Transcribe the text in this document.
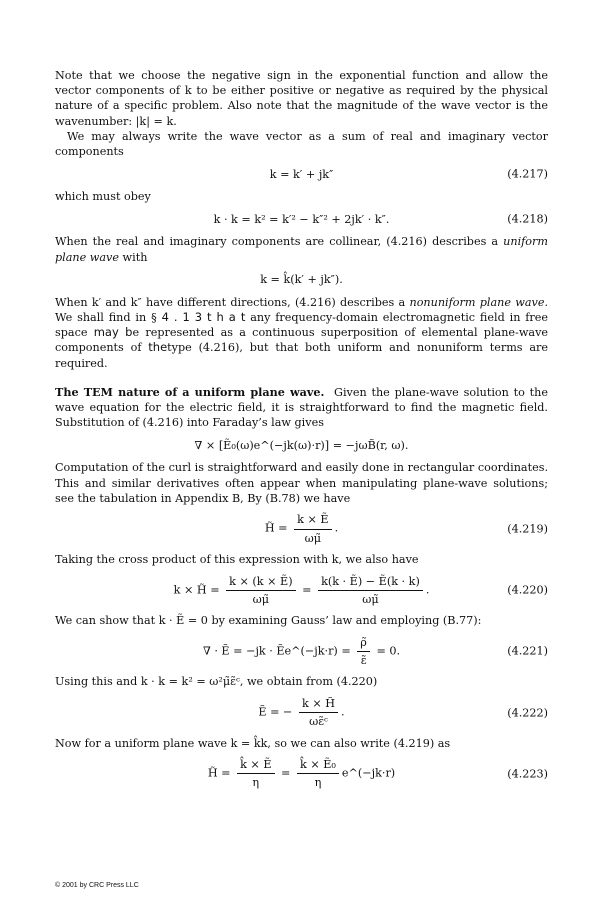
Note that we choose the negative sign in the exponential function and allow the vector components of k to be either positive or negative as required by the physical nature of a specific problem. Also note that the magnitude of the wave vector is the wavenumber: |k| = k.

We may always write the wave vector as a sum of real and imaginary vector components

k = k′ + jk″	(4.217)

which must obey

k · k = k² = k′² − k″² + 2jk′ · k″.	(4.218)

When the real and imaginary components are collinear, (4.216) describes a uniform plane wave with

k = k̂(k′ + jk″).

When k′ and k″ have different directions, (4.216) describes a nonuniform plane wave. We shall find in § 4 . 1 3 t h a t any frequency-domain electromagnetic field in free space may be represented as a continuous superposition of elemental plane-wave components of thetype (4.216), but that both uniform and nonuniform terms are required.

The TEM nature of a uniform plane wave. Given the plane-wave solution to the wave equation for the electric field, it is straightforward to find the magnetic field. Substitution of (4.216) into Faraday’s law gives

∇ × [Ẽ₀(ω)e^(−jk(ω)·r)] = −jωB̃(r, ω).

Computation of the curl is straightforward and easily done in rectangular coordinates. This and similar derivatives often appear when manipulating plane-wave solutions; see the tabulation in Appendix B, By (B.78) we have

H̃ = $\frac{\text{k × Ẽ}}{\omega\mũ}$ .	(4.219)

Taking the cross product of this expression with k, we also have

k × H̃ = $\frac{\text{k × (k × Ẽ)}}{\omega\mũ} = \frac{\text{k(k · Ẽ) − Ẽ(k · k)}}{\omega\mũ}$ .	(4.220)

We can show that k · Ẽ = 0 by examining Gauss’ law and employing (B.77):

∇ · Ẽ = −jk · Ẽe^(−jk·r) = $\frac{\rhõ}{\varepsiloñ} = 0$.	(4.221)

Using this and k · k = k² = ω²μ̃ε̃ᶜ, we obtain from (4.220)

Ẽ = − $\frac{k \times H̃}{\text{ωε̃ᶜ}}$ .	(4.222)

Now for a uniform plane wave k = k̂k, so we can also write (4.219) as

H̃ = $\frac{\text{k̂ × Ẽ}}{\eta} = \frac{\text{k̂ × Ẽ₀}}{\eta}$ e^(−jk·r)	(4.223)
© 2001 by CRC Press LLC
